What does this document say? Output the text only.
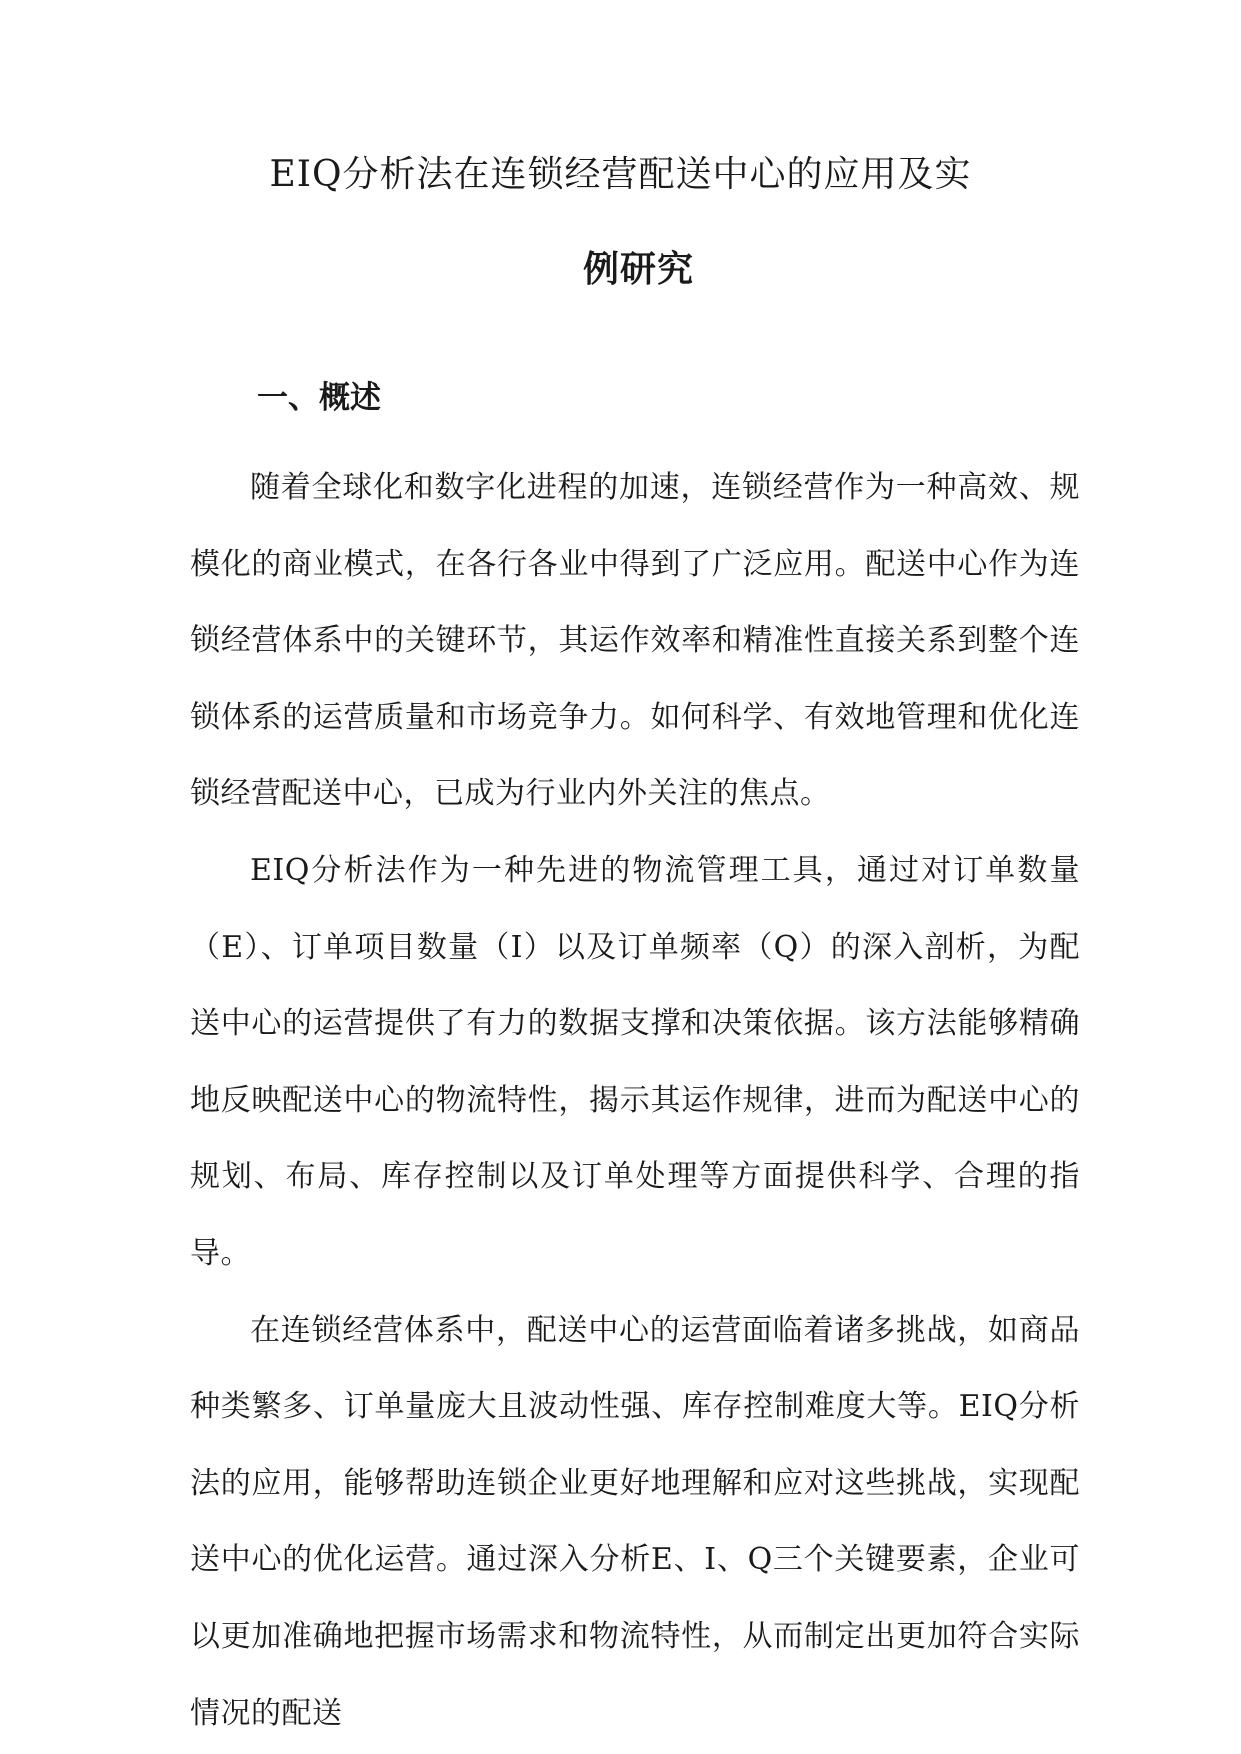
EIQ分析法在连锁经营配送中心的应用及实
例研究
一、概述

随着全球化和数字化进程的加速，连锁经营作为一种高效、规模化的商业模式，在各行各业中得到了广泛应用。配送中心作为连锁经营体系中的关键环节，其运作效率和精准性直接关系到整个连锁体系的运营质量和市场竞争力。如何科学、有效地管理和优化连锁经营配送中心，已成为行业内外关注的焦点。

EIQ分析法作为一种先进的物流管理工具，通过对订单数量（E）、订单项目数量（I）以及订单频率（Q）的深入剖析，为配送中心的运营提供了有力的数据支撑和决策依据。该方法能够精确地反映配送中心的物流特性，揭示其运作规律，进而为配送中心的规划、布局、库存控制以及订单处理等方面提供科学、合理的指导。

在连锁经营体系中，配送中心的运营面临着诸多挑战，如商品种类繁多、订单量庞大且波动性强、库存控制难度大等。EIQ分析法的应用，能够帮助连锁企业更好地理解和应对这些挑战，实现配送中心的优化运营。通过深入分析E、I、Q三个关键要素，企业可以更加准确地把握市场需求和物流特性，从而制定出更加符合实际情况的配送
